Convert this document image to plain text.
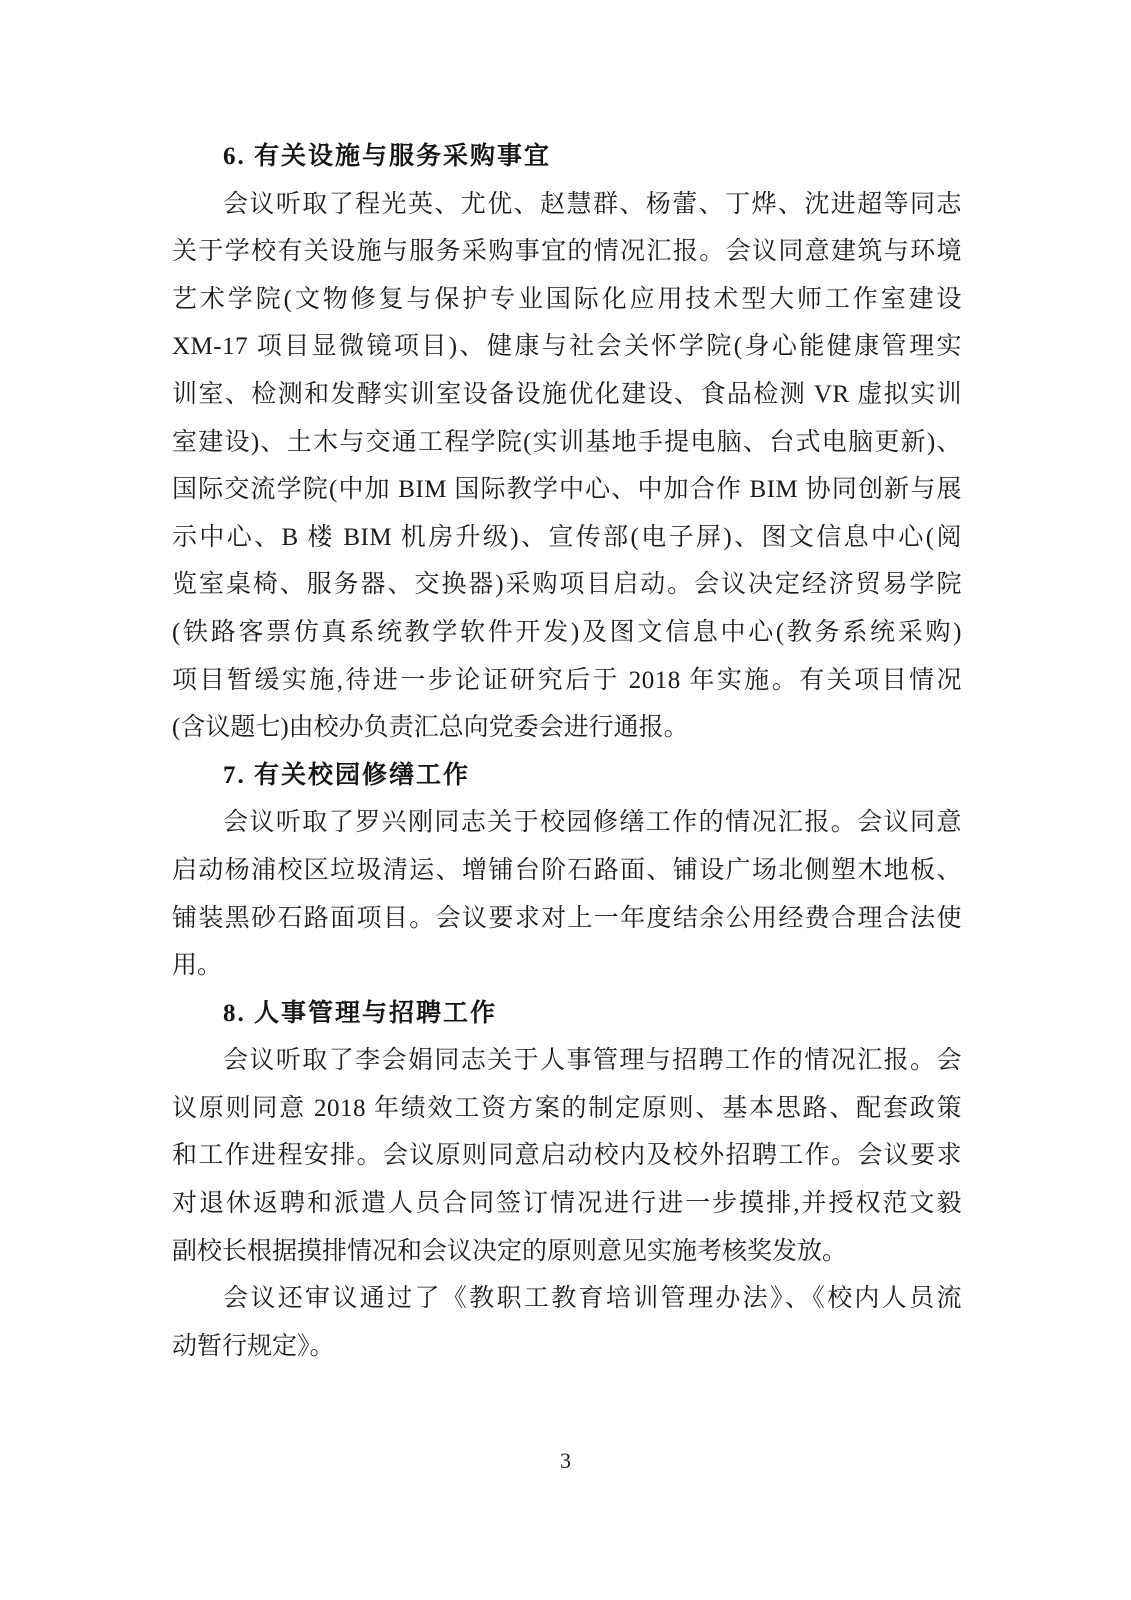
6. 有关设施与服务采购事宜
会议听取了程光英、尤优、赵慧群、杨蕾、丁烨、沈进超等同志
关于学校有关设施与服务采购事宜的情况汇报。会议同意建筑与环境
艺术学院(文物修复与保护专业国际化应用技术型大师工作室建设
XM-17 项目显微镜项目)、健康与社会关怀学院(身心能健康管理实
训室、检测和发酵实训室设备设施优化建设、食品检测 VR 虚拟实训
室建设)、土木与交通工程学院(实训基地手提电脑、台式电脑更新)、
国际交流学院(中加 BIM 国际教学中心、中加合作 BIM 协同创新与展
示中心、B 楼 BIM 机房升级)、宣传部(电子屏)、图文信息中心(阅
览室桌椅、服务器、交换器)采购项目启动。会议决定经济贸易学院
(铁路客票仿真系统教学软件开发)及图文信息中心(教务系统采购)
项目暂缓实施,待进一步论证研究后于 2018 年实施。有关项目情况
(含议题七)由校办负责汇总向党委会进行通报。
7. 有关校园修缮工作
会议听取了罗兴刚同志关于校园修缮工作的情况汇报。会议同意
启动杨浦校区垃圾清运、增铺台阶石路面、铺设广场北侧塑木地板、
铺装黑砂石路面项目。会议要求对上一年度结余公用经费合理合法使
用。
8. 人事管理与招聘工作
会议听取了李会娟同志关于人事管理与招聘工作的情况汇报。会
议原则同意 2018 年绩效工资方案的制定原则、基本思路、配套政策
和工作进程安排。会议原则同意启动校内及校外招聘工作。会议要求
对退休返聘和派遣人员合同签订情况进行进一步摸排,并授权范文毅
副校长根据摸排情况和会议决定的原则意见实施考核奖发放。
会议还审议通过了《教职工教育培训管理办法》、《校内人员流
动暂行规定》。
3
